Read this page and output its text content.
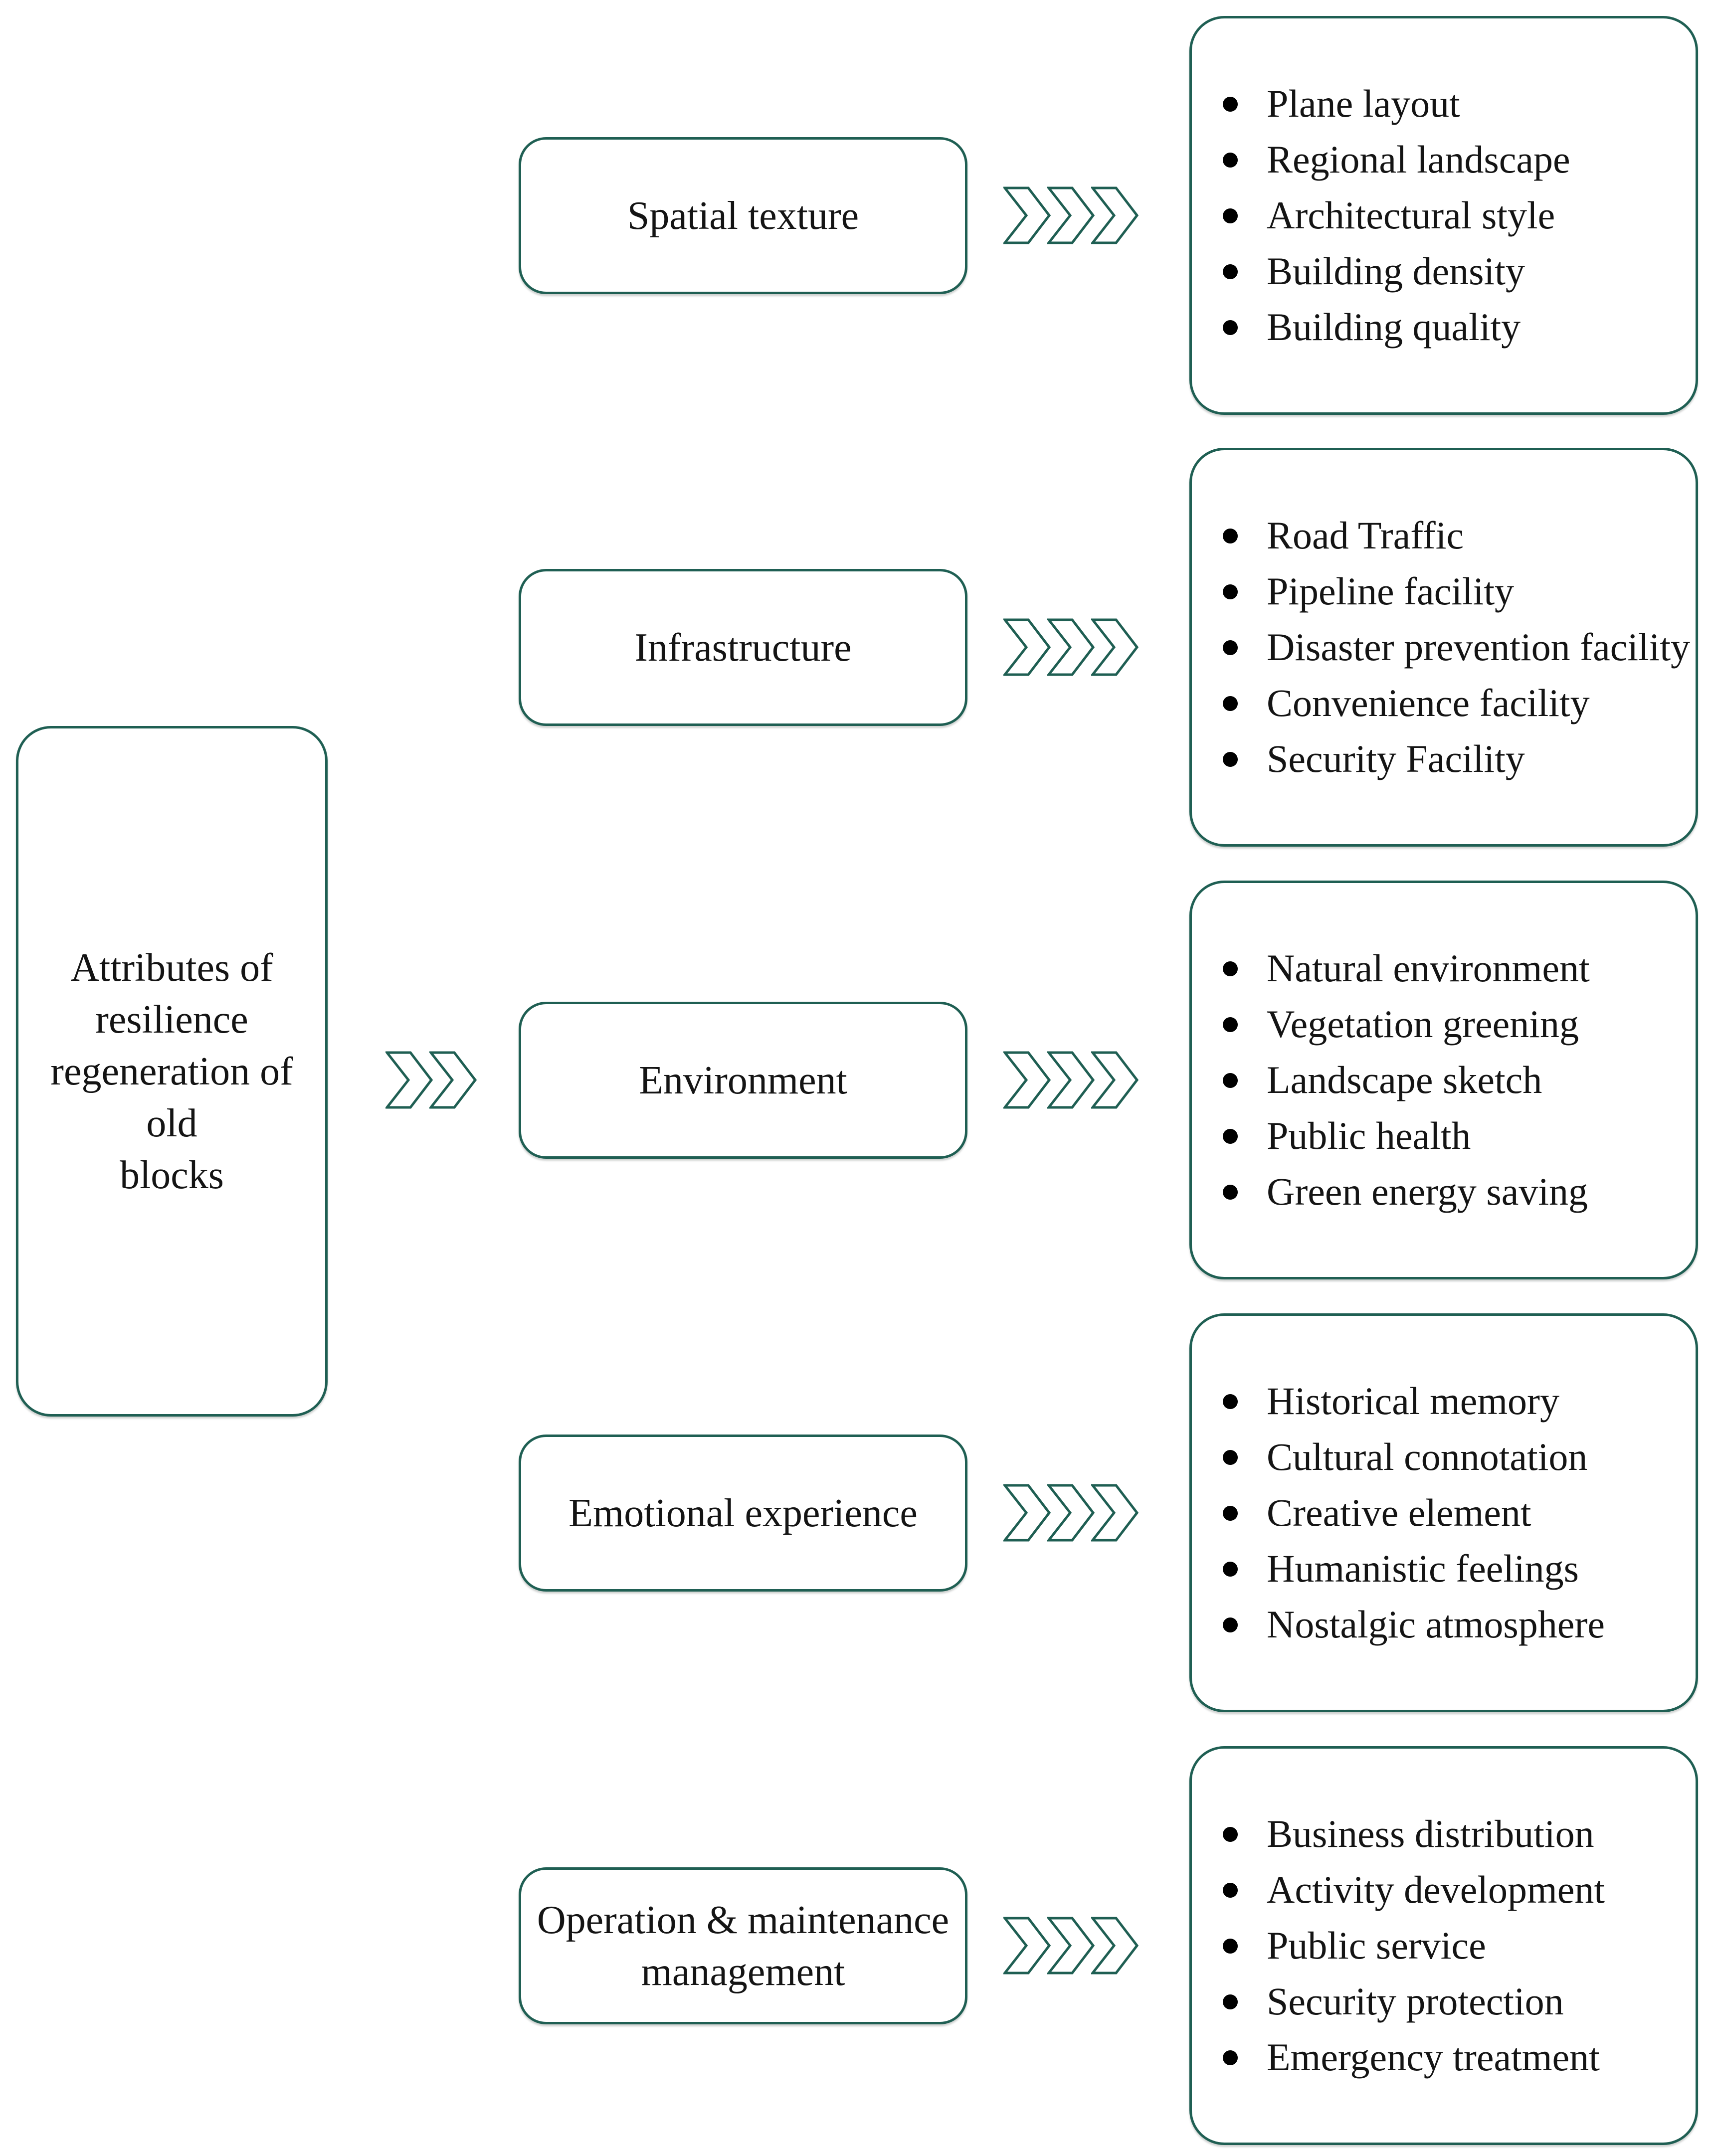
Attributes of
resilience
regeneration of old
blocks
Spatial texture
Plane layout
Regional landscape
Architectural style
Building density
Building quality
Infrastructure
Road Traffic
Pipeline facility
Disaster prevention facility
Convenience facility
Security Facility
Environment
Natural environment
Vegetation greening
Landscape sketch
Public health
Green energy saving
Emotional experience
Historical memory
Cultural connotation
Creative element
Humanistic feelings
Nostalgic atmosphere
Operation & maintenance
management
Business distribution
Activity development
Public service
Security protection
Emergency treatment
